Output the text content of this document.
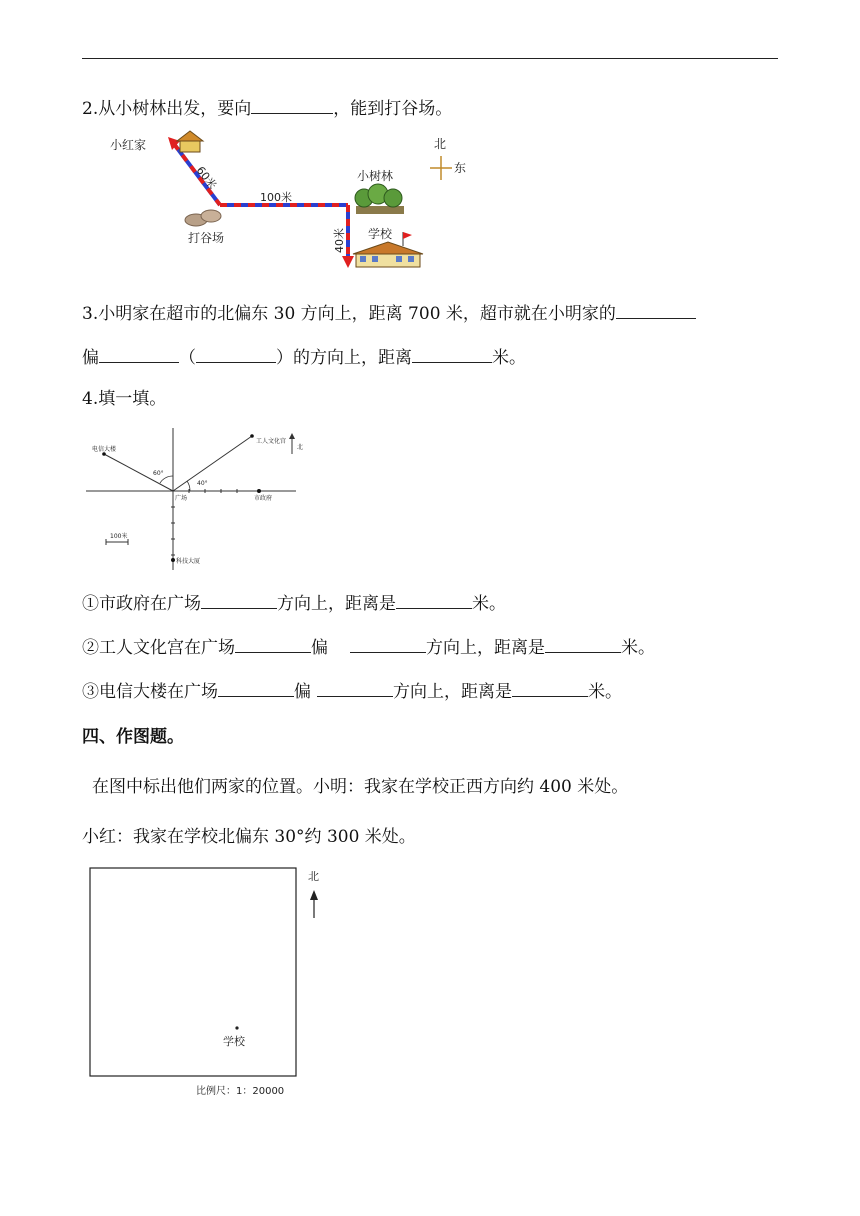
2.从小树林出发，要向	，能到打谷场。
小红家
打谷场
小树林
学校
60米
100米
40米
北
东
3.小明家在超市的北偏东 30 方向上，距离 700 米，超市就在小明家的
偏	（	）的方向上，距离	米。
4.填一填。
电信大楼
工人文化宫
北
60°
40°
广场	市政府
100米
科技大厦
①市政府在广场	方向上，距离是	米。
②工人文化宫在广场	偏	方向上，距离是	米。
③电信大楼在广场	偏	方向上，距离是	米。
四、作图题。
在图中标出他们两家的位置。小明：我家在学校正西方向约 400 米处。
小红：我家在学校北偏东 30°约 300 米处。
北
学校
比例尺：1：20000
